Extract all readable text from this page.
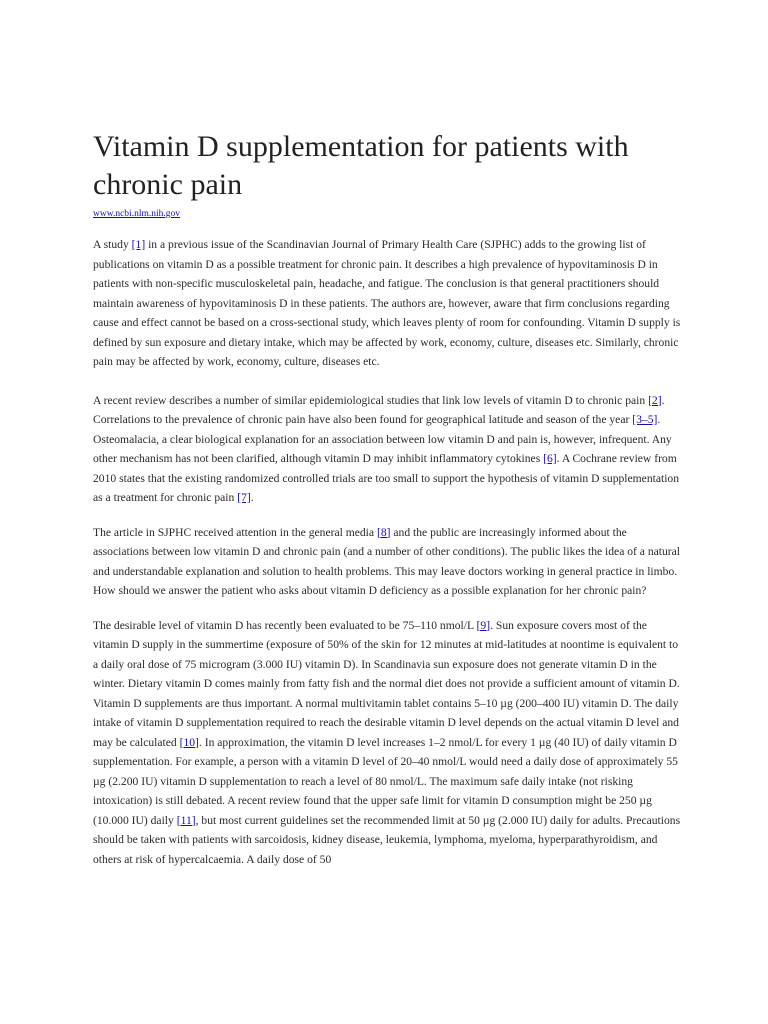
Vitamin D supplementation for patients with chronic pain
www.ncbi.nlm.nih.gov

A study [1] in a previous issue of the Scandinavian Journal of Primary Health Care (SJPHC) adds to the growing list of publications on vitamin D as a possible treatment for chronic pain. It describes a high prevalence of hypovitaminosis D in patients with non-specific musculoskeletal pain, headache, and fatigue. The conclusion is that general practitioners should maintain awareness of hypovitaminosis D in these patients. The authors are, however, aware that firm conclusions regarding cause and effect cannot be based on a cross-sectional study, which leaves plenty of room for confounding. Vitamin D supply is defined by sun exposure and dietary intake, which may be affected by work, economy, culture, diseases etc. Similarly, chronic pain may be affected by work, economy, culture, diseases etc.

A recent review describes a number of similar epidemiological studies that link low levels of vitamin D to chronic pain [2]. Correlations to the prevalence of chronic pain have also been found for geographical latitude and season of the year [3–5]. Osteomalacia, a clear biological explanation for an association between low vitamin D and pain is, however, infrequent. Any other mechanism has not been clarified, although vitamin D may inhibit inflammatory cytokines [6]. A Cochrane review from 2010 states that the existing randomized controlled trials are too small to support the hypothesis of vitamin D supplementation as a treatment for chronic pain [7].

The article in SJPHC received attention in the general media [8] and the public are increasingly informed about the associations between low vitamin D and chronic pain (and a number of other conditions). The public likes the idea of a natural and understandable explanation and solution to health problems. This may leave doctors working in general practice in limbo. How should we answer the patient who asks about vitamin D deficiency as a possible explanation for her chronic pain?

The desirable level of vitamin D has recently been evaluated to be 75–110 nmol/L [9]. Sun exposure covers most of the vitamin D supply in the summertime (exposure of 50% of the skin for 12 minutes at mid-latitudes at noontime is equivalent to a daily oral dose of 75 microgram (3.000 IU) vitamin D). In Scandinavia sun exposure does not generate vitamin D in the winter. Dietary vitamin D comes mainly from fatty fish and the normal diet does not provide a sufficient amount of vitamin D. Vitamin D supplements are thus important. A normal multivitamin tablet contains 5–10 µg (200–400 IU) vitamin D. The daily intake of vitamin D supplementation required to reach the desirable vitamin D level depends on the actual vitamin D level and may be calculated [10]. In approximation, the vitamin D level increases 1–2 nmol/L for every 1 µg (40 IU) of daily vitamin D supplementation. For example, a person with a vitamin D level of 20–40 nmol/L would need a daily dose of approximately 55 µg (2.200 IU) vitamin D supplementation to reach a level of 80 nmol/L. The maximum safe daily intake (not risking intoxication) is still debated. A recent review found that the upper safe limit for vitamin D consumption might be 250 µg (10.000 IU) daily [11], but most current guidelines set the recommended limit at 50 µg (2.000 IU) daily for adults. Precautions should be taken with patients with sarcoidosis, kidney disease, leukemia, lymphoma, myeloma, hyperparathyroidism, and others at risk of hypercalcaemia. A daily dose of 50
